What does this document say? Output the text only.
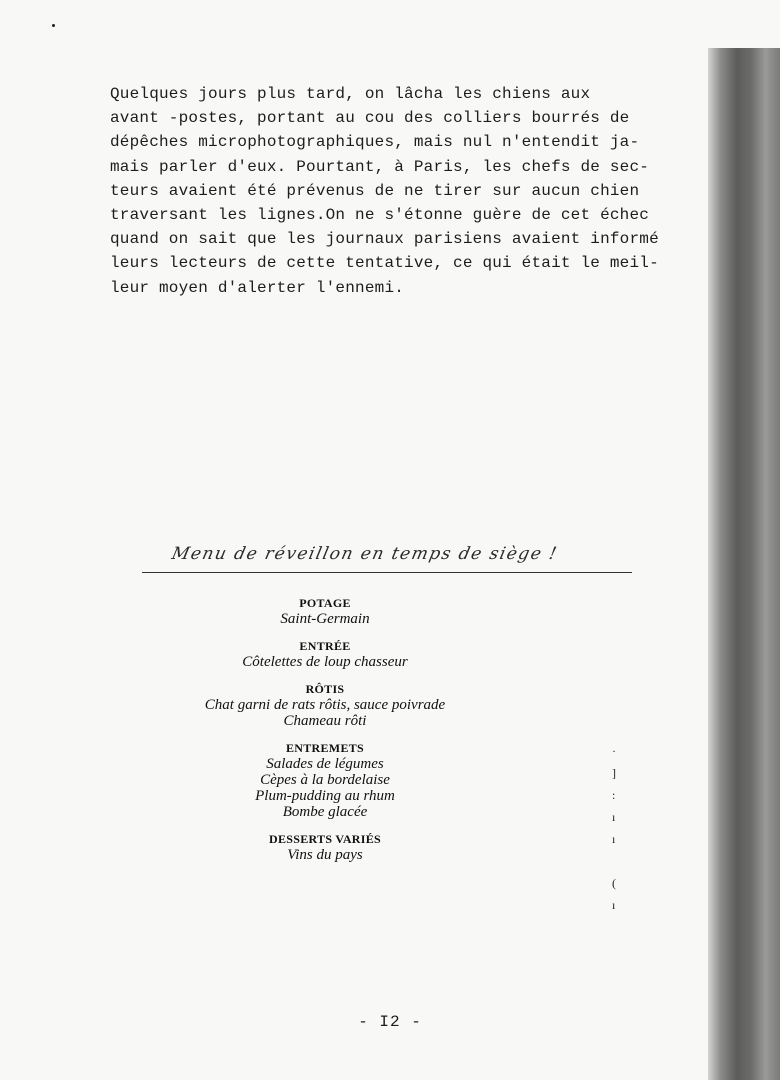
Quelques jours plus tard, on lâcha les chiens aux
avant -postes, portant au cou des colliers bourrés de
dépêches microphotographiques, mais nul n'entendit ja-
mais parler d'eux. Pourtant, à Paris, les chefs de sec-
teurs avaient été prévenus de ne tirer sur aucun chien
traversant les lignes.On ne s'étonne guère de cet échec
quand on sait que les journaux parisiens avaient informé
leurs lecteurs de cette tentative, ce qui était le meil-
leur moyen d'alerter l'ennemi.

Menu de réveillon en temps de siège !
POTAGE
Saint-Germain
ENTRÉE
Côtelettes de loup chasseur
RÔTIS
Chat garni de rats rôtis, sauce poivrade
Chameau rôti
ENTREMETS
Salades de légumes
Cèpes à la bordelaise
Plum-pudding au rhum
Bombe glacée
DESSERTS VARIÉS
Vins du pays
·
]
:
ı
ı

(
ı
- I2 -
